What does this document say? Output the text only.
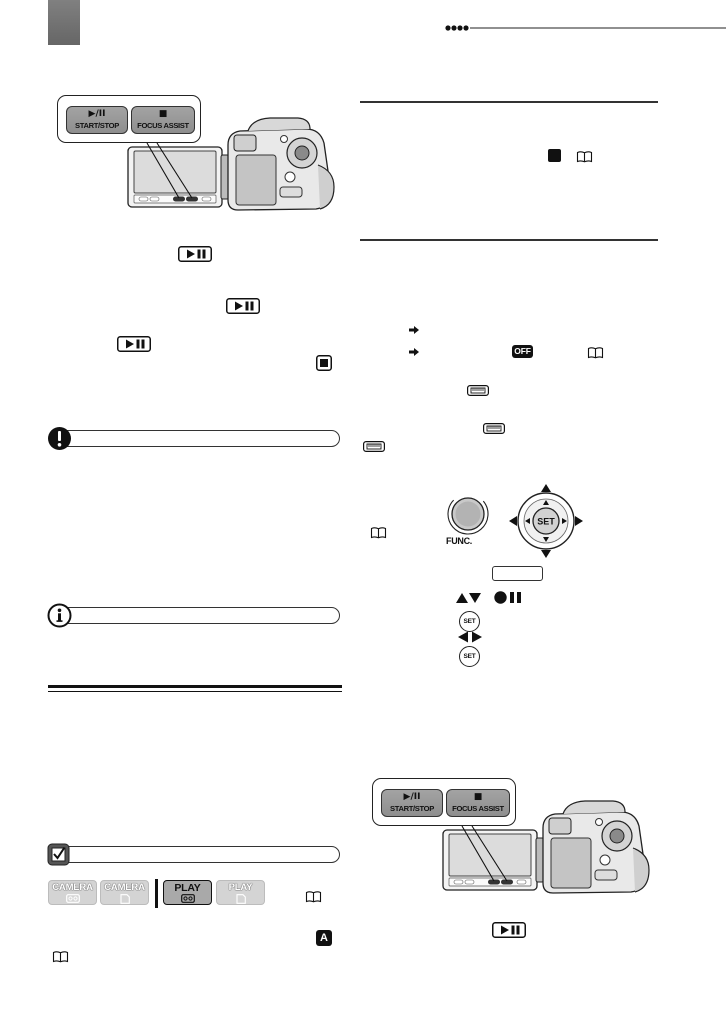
▶/II
START/STOP
■
FOCUS ASSIST
CAMERA	CAMERA	PLAY	PLAY
A
OFF
FUNC.
SET
SET
SET
▶/II
START/STOP
■
FOCUS ASSIST
